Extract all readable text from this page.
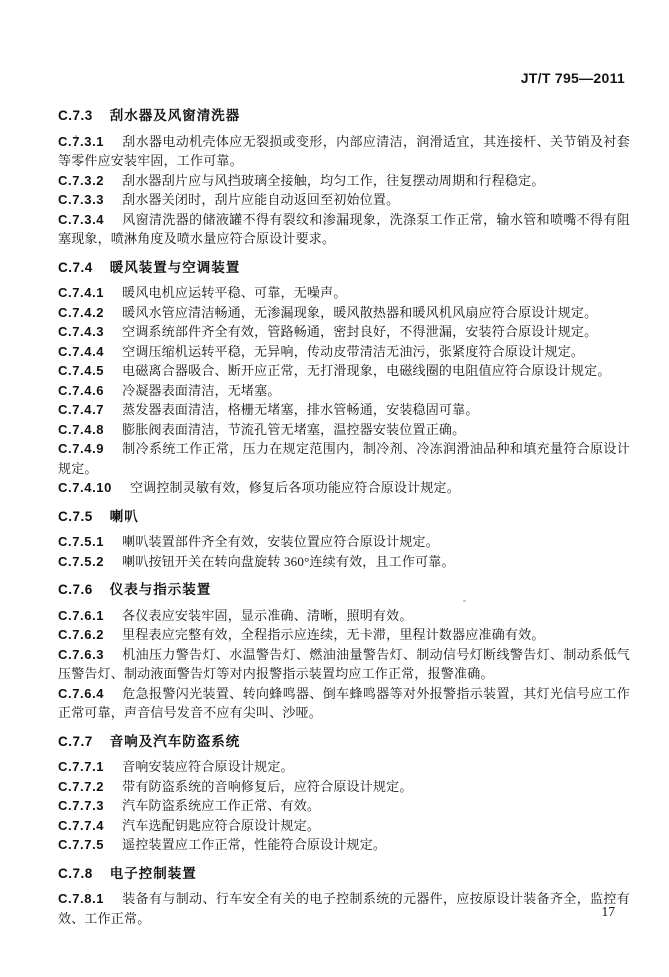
JT/T 795—2011
C.7.3 刮水器及风窗清洗器

C.7.3.1 刮水器电动机壳体应无裂损或变形，内部应清洁，润滑适宜，其连接杆、关节销及衬套等零件应安装牢固，工作可靠。

C.7.3.2 刮水器刮片应与风挡玻璃全接触，均匀工作，往复摆动周期和行程稳定。

C.7.3.3 刮水器关闭时，刮片应能自动返回至初始位置。

C.7.3.4 风窗清洗器的储液罐不得有裂纹和渗漏现象，洗涤泵工作正常，输水管和喷嘴不得有阻塞现象，喷淋角度及喷水量应符合原设计要求。

C.7.4 暖风装置与空调装置

C.7.4.1 暖风电机应运转平稳、可靠，无噪声。

C.7.4.2 暖风水管应清洁畅通，无渗漏现象，暖风散热器和暖风机风扇应符合原设计规定。

C.7.4.3 空调系统部件齐全有效，管路畅通，密封良好，不得泄漏，安装符合原设计规定。

C.7.4.4 空调压缩机运转平稳，无异响，传动皮带清洁无油污，张紧度符合原设计规定。

C.7.4.5 电磁离合器吸合、断开应正常，无打滑现象，电磁线圈的电阻值应符合原设计规定。

C.7.4.6 冷凝器表面清洁，无堵塞。

C.7.4.7 蒸发器表面清洁，格栅无堵塞，排水管畅通，安装稳固可靠。

C.7.4.8 膨胀阀表面清洁，节流孔管无堵塞，温控器安装位置正确。

C.7.4.9 制冷系统工作正常，压力在规定范围内，制冷剂、冷冻润滑油品种和填充量符合原设计规定。

C.7.4.10 空调控制灵敏有效，修复后各项功能应符合原设计规定。

C.7.5 喇叭

C.7.5.1 喇叭装置部件齐全有效，安装位置应符合原设计规定。

C.7.5.2 喇叭按钮开关在转向盘旋转 360°连续有效，且工作可靠。

C.7.6 仪表与指示装置

C.7.6.1 各仪表应安装牢固，显示准确、清晰，照明有效。

C.7.6.2 里程表应完整有效，全程指示应连续，无卡滞，里程计数器应准确有效。

C.7.6.3 机油压力警告灯、水温警告灯、燃油油量警告灯、制动信号灯断线警告灯、制动系低气压警告灯、制动液面警告灯等对内报警指示装置均应工作正常，报警准确。

C.7.6.4 危急报警闪光装置、转向蜂鸣器、倒车蜂鸣器等对外报警指示装置，其灯光信号应工作正常可靠，声音信号发音不应有尖叫、沙哑。

C.7.7 音响及汽车防盗系统

C.7.7.1 音响安装应符合原设计规定。

C.7.7.2 带有防盗系统的音响修复后，应符合原设计规定。

C.7.7.3 汽车防盗系统应工作正常、有效。

C.7.7.4 汽车选配钥匙应符合原设计规定。

C.7.7.5 遥控装置应工作正常，性能符合原设计规定。

C.7.8 电子控制装置

C.7.8.1 装备有与制动、行车安全有关的电子控制系统的元器件，应按原设计装备齐全，监控有效、工作正常。	17
